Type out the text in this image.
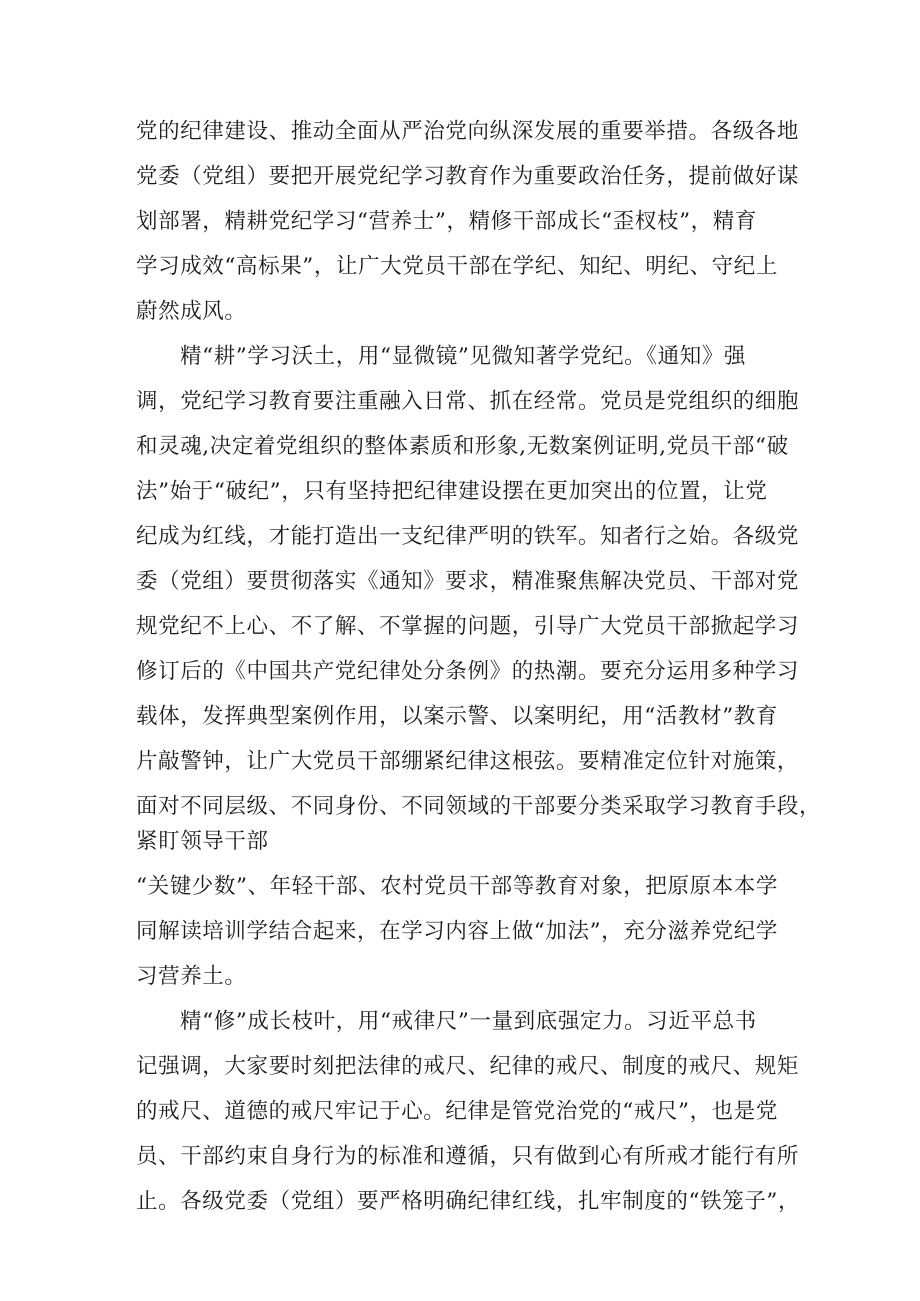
党的纪律建设、推动全面从严治党向纵深发展的重要举措。各级各地
党委（党组）要把开展党纪学习教育作为重要政治任务，提前做好谋
划部署，精耕党纪学习“营养士”，精修干部成长“歪杈枝”，精育
学习成效“高标果”，让广大党员干部在学纪、知纪、明纪、守纪上
蔚然成风。
精“耕”学习沃土，用“显微镜”见微知著学党纪。《通知》强
调，党纪学习教育要注重融入日常、抓在经常。党员是党组织的细胞
和灵魂,决定着党组织的整体素质和形象,无数案例证明,党员干部“破
法”始于“破纪”，只有坚持把纪律建设摆在更加突出的位置，让党
纪成为红线，才能打造出一支纪律严明的铁军。知者行之始。各级党
委（党组）要贯彻落实《通知》要求，精准聚焦解决党员、干部对党
规党纪不上心、不了解、不掌握的问题，引导广大党员干部掀起学习
修订后的《中国共产党纪律处分条例》的热潮。要充分运用多种学习
载体，发挥典型案例作用，以案示警、以案明纪，用“活教材”教育
片敲警钟，让广大党员干部绷紧纪律这根弦。要精准定位针对施策，
面对不同层级、不同身份、不同领域的干部要分类采取学习教育手段，
紧盯领导干部
“关键少数”、年轻干部、农村党员干部等教育对象，把原原本本学
同解读培训学结合起来，在学习内容上做“加法”，充分滋养党纪学
习营养土。
精“修”成长枝叶，用“戒律尺”一量到底强定力。习近平总书
记强调，大家要时刻把法律的戒尺、纪律的戒尺、制度的戒尺、规矩
的戒尺、道德的戒尺牢记于心。纪律是管党治党的“戒尺”，也是党
员、干部约束自身行为的标准和遵循，只有做到心有所戒才能行有所
止。各级党委（党组）要严格明确纪律红线，扎牢制度的“铁笼子”，
